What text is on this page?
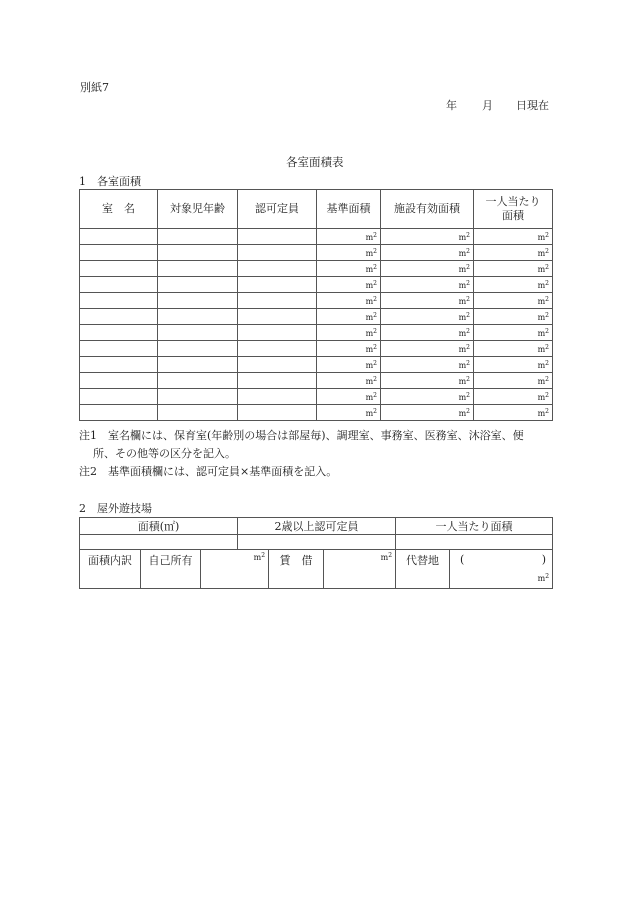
別紙7
年 月 日現在
各室面積表
1　各室面積
室　名	対象児年齢	認可定員	基準面積	施設有効面積	一人当たり
面積

			$m^2$	$m^2$	$m^2$
			$m^2$	$m^2$	$m^2$
			$m^2$	$m^2$	$m^2$
			$m^2$	$m^2$	$m^2$
			$m^2$	$m^2$	$m^2$
			$m^2$	$m^2$	$m^2$
			$m^2$	$m^2$	$m^2$
			$m^2$	$m^2$	$m^2$
			$m^2$	$m^2$	$m^2$
			$m^2$	$m^2$	$m^2$
			$m^2$	$m^2$	$m^2$
			$m^2$	$m^2$	$m^2$
注1　室名欄には、保育室(年齢別の場合は部屋毎)、調理室、事務室、医務室、沐浴室、便
所、その他等の区分を記入。
注2　基準面積欄には、認可定員×基準面積を記入。
2　屋外遊技場
面積(㎡)			2歳以上認可定員			一人当たり面積	

面積内訳	自己所有	$m^2$		賃　借	$m^2$	代替地	( )
$m^2$
